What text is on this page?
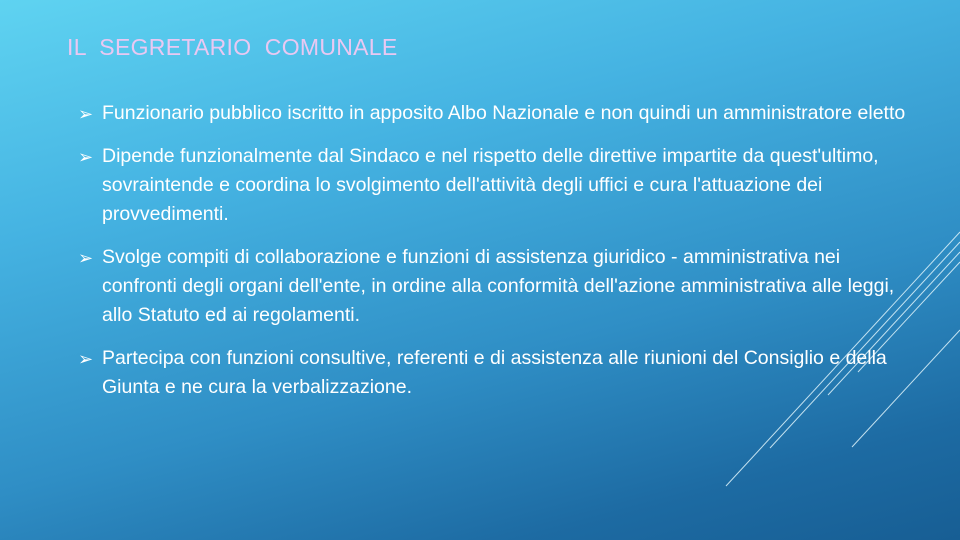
IL  SEGRETARIO  COMUNALE
➢ Funzionario pubblico iscritto in apposito Albo Nazionale e non quindi un amministratore eletto
➢ Dipende funzionalmente dal Sindaco e nel rispetto delle direttive impartite da quest'ultimo, sovraintende e coordina lo svolgimento dell'attività degli uffici e cura l'attuazione dei provvedimenti.
➢ Svolge compiti di collaborazione e funzioni di assistenza giuridico - amministrativa nei confronti degli organi dell'ente, in ordine alla conformità dell'azione amministrativa alle leggi, allo Statuto ed ai regolamenti.
➢ Partecipa con funzioni consultive, referenti e di assistenza alle riunioni del Consiglio e della Giunta e ne cura la verbalizzazione.
